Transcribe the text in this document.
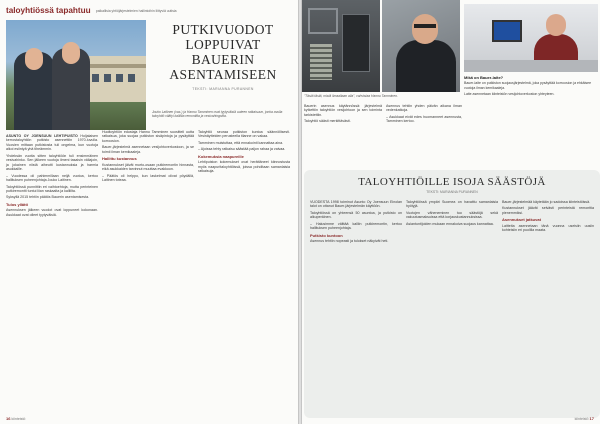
taloyhtiössä tapahtuu paikallisia yhtiöjärjestelmien hallintoihin liittyviä uutisia
PUTKIVUODOT
LOPPUIVAT
BAUERIN
ASENTAMISEEN
TEKSTI: MARIANNA PURANNEN
Jouko Laitinen (vas.) ja Hannu Tamminen ovat tyytyväisiä uuteen ratkaisuun, jonka avulla taloyhtiö välttyi kalliilta remontilta ja vesivahingoilta.

ASUNTO OY JOENSUUN LEHTIPUISTO Holjalaisen kerrostaloyhtiön putkisto asennettiin 1970-luvulla. Vuosien mittaan putkistosta tuli ongelma, kun vuotoja alkoi esiintyä yhä tiheämmin.

Yhdeksän vuotta sitten taloyhtiöön tuli ensimmäinen vesivahinko. Sen jälkeen vuotoja ilmeni tasaisin väliajoin, ja jokainen niistä aiheutti kustannuksia ja harmia asukkaille.

– Vuodessa oli pahimmillaan neljä vuotoa, kertoo hallituksen puheenjohtaja Jouko Laitinen.

Taloyhtiössä punnittiin eri vaihtoehtoja, mutta perinteinen putkiremontti tuntui liian raskaalta ja kalliilta.

Syksyllä 2015 tehtiin päätös Bauerin asentamisesta.

Tulos yllätti

Asennuksen jälkeen vuodot ovat loppuneet kokonaan. Asukkaat ovat olleet tyytyväisiä.

Huoltoyhtiön edustaja Hannu Tamminen suositteli uutta ratkaisua, joka suojaa putkiston sisäpintoja ja pysäyttää korroosion.

Bauer-järjestelmä asennetaan vesijohtoverkostoon, ja se toimii ilman kemikaaleja.

Hallittu kustannus

Kustannukset jäivät murto-osaan putkiremontin hinnasta, eikä asukkaiden tarvinnut muuttaa evakkoon.

– Päätös oli helppo, kun laskelmat olivat pöydällä, Laitinen toteaa.

Taloyhtiö seuraa putkiston kuntoa säännöllisesti. Vesinäytteiden perusteella tilanne on vakaa.

Tamminen muistuttaa, että ennakointi kannattaa aina.

– Ajoissa tehty ratkaisu säästää paljon rahaa ja vaivaa.

Kokemuksia naapureille

Lehtipuiston kokemukset ovat herättäneet kiinnostusta myös naapuritaloyhtiöissä, joissa pohditaan samanlaisia ratkaisuja.

16 kiinteistö
"Tästä tästä, mistä ilmaaltaan alla", vahvistaa Hannu Tamminen.

Bauerin asennus käytännössä: järjestelmä kytkettiin taloyhtiön vesijohtoon ja sen toiminta tarkistettiin.

Taloyhtiö säästi merkittävästi.

Asennus tehtiin yhden päivän aikana ilman vedenkatkoja.

– Asukkaat eivät edes huomanneet asennusta, Tamminen kertoo.

Mikä on Bauer-laite?

Bauer-laite on putkiston suojausjärjestelmä, joka pysäyttää korroosion ja ehkäisee vuotoja ilman kemikaaleja.

Laite asennetaan kiinteistön vesijohtoverkoston yhteyteen.

TALOYHTIÖILLE ISOJA SÄÄSTÖJÄ
TEKSTI: MARIANNA PURANNEN

VUODESTA 1998 toiminut Asunto Oy Joensuun Einolan talot on ottanut Bauer-järjestelmän käyttöön.

Taloyhtiössä on yhteensä 50 asuntoa, ja putkisto on alkuperäinen.

– Halusimme välttää kalliin putkiremontin, kertoo hallituksen puheenjohtaja.

Putkisto kuntoon

Asennus tehtiin nopeasti ja tulokset näkyivät heti.

Taloyhtiöissä ympäri Suomea on havaittu samanlaisia hyötyjä.

Vuotojen väheneminen tuo säästöjä sekä vakuutusmaksuissa että korjauskustannuksissa.

Asiantuntijoiden mukaan ennakoiva suojaus kannattaa.

Bauer-järjestelmää käytetään jo sadoissa kiinteistöissä.

Kustannukset jäävät selvästi perinteistä remonttia pienemmiksi.

Asennukset jatkuvat

Laitteita asennetaan tänä vuonna useisiin uusiin kohteisiin eri puolilla maata.

kiinteistö 17
